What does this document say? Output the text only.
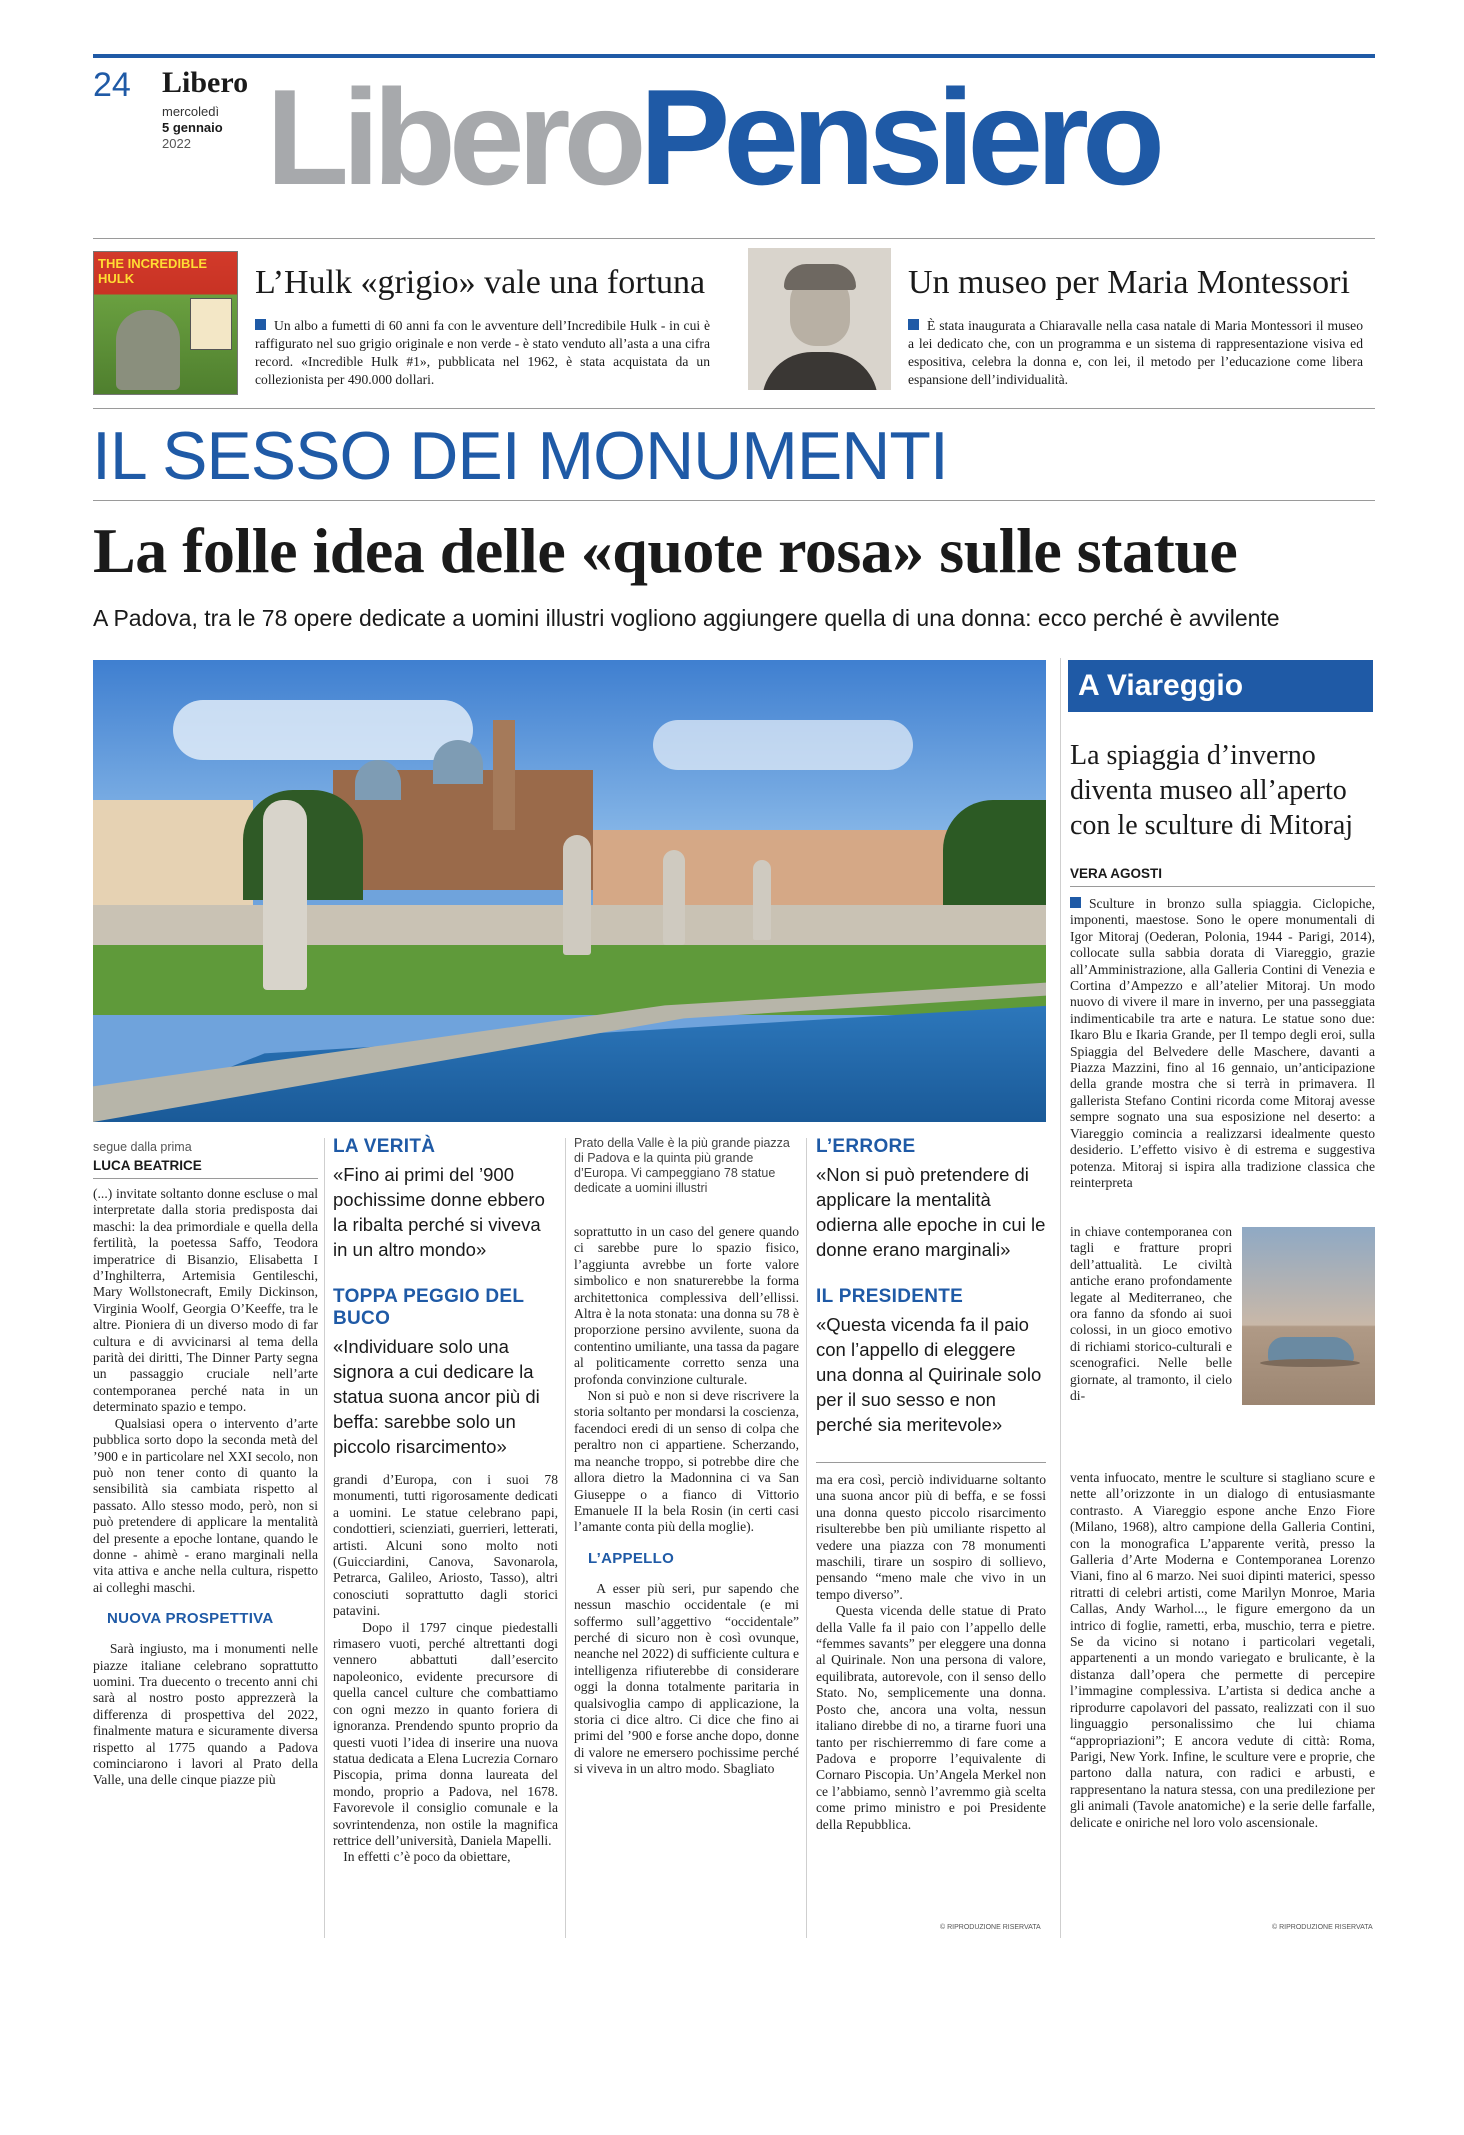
24 Libero
mercoledì
5 gennaio
2022 LiberoPensiero
THE INCREDIBLE HULK	L’Hulk «grigio» vale una fortuna
Un albo a fumetti di 60 anni fa con le avventure dell’Incredibile Hulk - in cui è raffigurato nel suo grigio originale e non verde - è stato venduto all’asta a una cifra record. «Incredible Hulk #1», pubblicata nel 1962, è stata acquistata da un collezionista per 490.000 dollari.
Un museo per Maria Montessori
È stata inaugurata a Chiaravalle nella casa natale di Maria Montessori il museo a lei dedicato che, con un programma e un sistema di rappresentazione visiva ed espositiva, celebra la donna e, con lei, il metodo per l’educazione come libera espansione dell’individualità.
IL SESSO DEI MONUMENTI
La folle idea delle «quote rosa» sulle statue
A Padova, tra le 78 opere dedicate a uomini illustri vogliono aggiungere quella di una donna: ecco perché è avvilente
segue dalla prima
LUCA BEATRICE
(...) invitate soltanto donne escluse o mal interpretate dalla storia predisposta dai maschi: la dea primordiale e quella della fertilità, la poetessa Saffo, Teodora imperatrice di Bisanzio, Elisabetta I d’Inghilterra, Artemisia Gentileschi, Mary Wollstonecraft, Emily Dickinson, Virginia Woolf, Georgia O’Keeffe, tra le altre. Pioniera di un diverso modo di far cultura e di avvicinarsi al tema della parità dei diritti, The Dinner Party segna un passaggio cruciale nell’arte contemporanea perché nata in un determinato spazio e tempo.
Qualsiasi opera o intervento d’arte pubblica sorto dopo la seconda metà del ’900 e in particolare nel XXI secolo, non può non tener conto di quanto la sensibilità sia cambiata rispetto al passato. Allo stesso modo, però, non si può pretendere di applicare la mentalità del presente a epoche lontane, quando le donne - ahimè - erano marginali nella vita attiva e anche nella cultura, rispetto ai colleghi maschi.
NUOVA PROSPETTIVA
Sarà ingiusto, ma i monumenti nelle piazze italiane celebrano soprattutto uomini. Tra duecento o trecento anni chi sarà al nostro posto apprezzerà la differenza di prospettiva del 2022, finalmente matura e sicuramente diversa rispetto al 1775 quando a Padova cominciarono i lavori al Prato della Valle, una delle cinque piazze più
LA VERITÀ
«Fino ai primi del ’900 pochissime donne ebbero la ribalta perché si viveva in un altro mondo»
TOPPA PEGGIO DEL BUCO
«Individuare solo una signora a cui dedicare la statua suona ancor più di beffa: sarebbe solo un piccolo risarcimento»
grandi d’Europa, con i suoi 78 monumenti, tutti rigorosamente dedicati a uomini. Le statue celebrano papi, condottieri, scienziati, guerrieri, letterati, artisti. Alcuni sono molto noti (Guicciardini, Canova, Savonarola, Petrarca, Galileo, Ariosto, Tasso), altri conosciuti soprattutto dagli storici patavini.
Dopo il 1797 cinque piedestalli rimasero vuoti, perché altrettanti dogi vennero abbattuti dall’esercito napoleonico, evidente precursore di quella cancel culture che combattiamo con ogni mezzo in quanto foriera di ignoranza. Prendendo spunto proprio da questi vuoti l’idea di inserire una nuova statua dedicata a Elena Lucrezia Cornaro Piscopia, prima donna laureata del mondo, proprio a Padova, nel 1678. Favorevole il consiglio comunale e la sovrintendenza, non ostile la magnifica rettrice dell’università, Daniela Mapelli.
In effetti c’è poco da obiettare,
Prato della Valle è la più grande piazza di Padova e la quinta più grande d’Europa. Vi campeggiano 78 statue dedicate a uomini illustri
soprattutto in un caso del genere quando ci sarebbe pure lo spazio fisico, l’aggiunta avrebbe un forte valore simbolico e non snaturerebbe la forma architettonica complessiva dell’ellissi. Altra è la nota stonata: una donna su 78 è proporzione persino avvilente, suona da contentino umiliante, una tassa da pagare al politicamente corretto senza una profonda convinzione culturale.
Non si può e non si deve riscrivere la storia soltanto per mondarsi la coscienza, facendoci eredi di un senso di colpa che peraltro non ci appartiene. Scherzando, ma neanche troppo, si potrebbe dire che allora dietro la Madonnina ci va San Giuseppe o a fianco di Vittorio Emanuele II la bela Rosin (in certi casi l’amante conta più della moglie).
L’APPELLO
A esser più seri, pur sapendo che nessun maschio occidentale (e mi soffermo sull’aggettivo “occidentale” perché di sicuro non è così ovunque, neanche nel 2022) di sufficiente cultura e intelligenza rifiuterebbe di considerare oggi la donna totalmente paritaria in qualsivoglia campo di applicazione, la storia ci dice altro. Ci dice che fino ai primi del ’900 e forse anche dopo, donne di valore ne emersero pochissime perché si viveva in un altro modo. Sbagliato
L’ERRORE
«Non si può pretendere di applicare la mentalità odierna alle epoche in cui le donne erano marginali»
IL PRESIDENTE
«Questa vicenda fa il paio con l’appello di eleggere una donna al Quirinale solo per il suo sesso e non perché sia meritevole»
ma era così, perciò individuarne soltanto una suona ancor più di beffa, e se fossi una donna questo piccolo risarcimento risulterebbe ben più umiliante rispetto al vedere una piazza con 78 monumenti maschili, tirare un sospiro di sollievo, pensando “meno male che vivo in un tempo diverso”.
Questa vicenda delle statue di Prato della Valle fa il paio con l’appello delle “femmes savants” per eleggere una donna al Quirinale. Non una persona di valore, equilibrata, autorevole, con il senso dello Stato. No, semplicemente una donna. Posto che, ancora una volta, nessun italiano direbbe di no, a tirarne fuori una tanto per rischierremmo di fare come a Padova e proporre l’equivalente di Cornaro Piscopia. Un’Angela Merkel non ce l’abbiamo, sennò l’avremmo già scelta come primo ministro e poi Presidente della Repubblica.
© RIPRODUZIONE RISERVATA
A Viareggio
La spiaggia d’inverno diventa museo all’aperto con le sculture di Mitoraj
VERA AGOSTI
Sculture in bronzo sulla spiaggia. Ciclopiche, imponenti, maestose. Sono le opere monumentali di Igor Mitoraj (Oederan, Polonia, 1944 - Parigi, 2014), collocate sulla sabbia dorata di Viareggio, grazie all’Amministrazione, alla Galleria Contini di Venezia e Cortina d’Ampezzo e all’atelier Mitoraj. Un modo nuovo di vivere il mare in inverno, per una passeggiata indimenticabile tra arte e natura. Le statue sono due: Ikaro Blu e Ikaria Grande, per Il tempo degli eroi, sulla Spiaggia del Belvedere delle Maschere, davanti a Piazza Mazzini, fino al 16 gennaio, un’anticipazione della grande mostra che si terrà in primavera. Il gallerista Stefano Contini ricorda come Mitoraj avesse sempre sognato una sua esposizione nel deserto: a Viareggio comincia a realizzarsi idealmente questo desiderio. L’effetto visivo è di estrema e suggestiva potenza. Mitoraj si ispira alla tradizione classica che reinterpreta
in chiave contemporanea con tagli e fratture propri dell’attualità. Le civiltà antiche erano profondamente legate al Mediterraneo, che ora fanno da sfondo ai suoi colossi, in un gioco emotivo di richiami storico-culturali e scenografici. Nelle belle giornate, al tramonto, il cielo di-
venta infuocato, mentre le sculture si stagliano scure e nette all’orizzonte in un dialogo di entusiasmante contrasto. A Viareggio espone anche Enzo Fiore (Milano, 1968), altro campione della Galleria Contini, con la monografica L’apparente verità, presso la Galleria d’Arte Moderna e Contemporanea Lorenzo Viani, fino al 6 marzo. Nei suoi dipinti materici, spesso ritratti di celebri artisti, come Marilyn Monroe, Maria Callas, Andy Warhol..., le figure emergono da un intrico di foglie, rametti, erba, muschio, terra e pietre. Se da vicino si notano i particolari vegetali, appartenenti a un mondo variegato e brulicante, è la distanza dall’opera che permette di percepire l’immagine complessiva. L’artista si dedica anche a riprodurre capolavori del passato, realizzati con il suo linguaggio personalissimo che lui chiama “appropriazioni”; E ancora vedute di città: Roma, Parigi, New York. Infine, le sculture vere e proprie, che partono dalla natura, con radici e arbusti, e rappresentano la natura stessa, con una predilezione per gli animali (Tavole anatomiche) e la serie delle farfalle, delicate e oniriche nel loro volo ascensionale.
© RIPRODUZIONE RISERVATA
